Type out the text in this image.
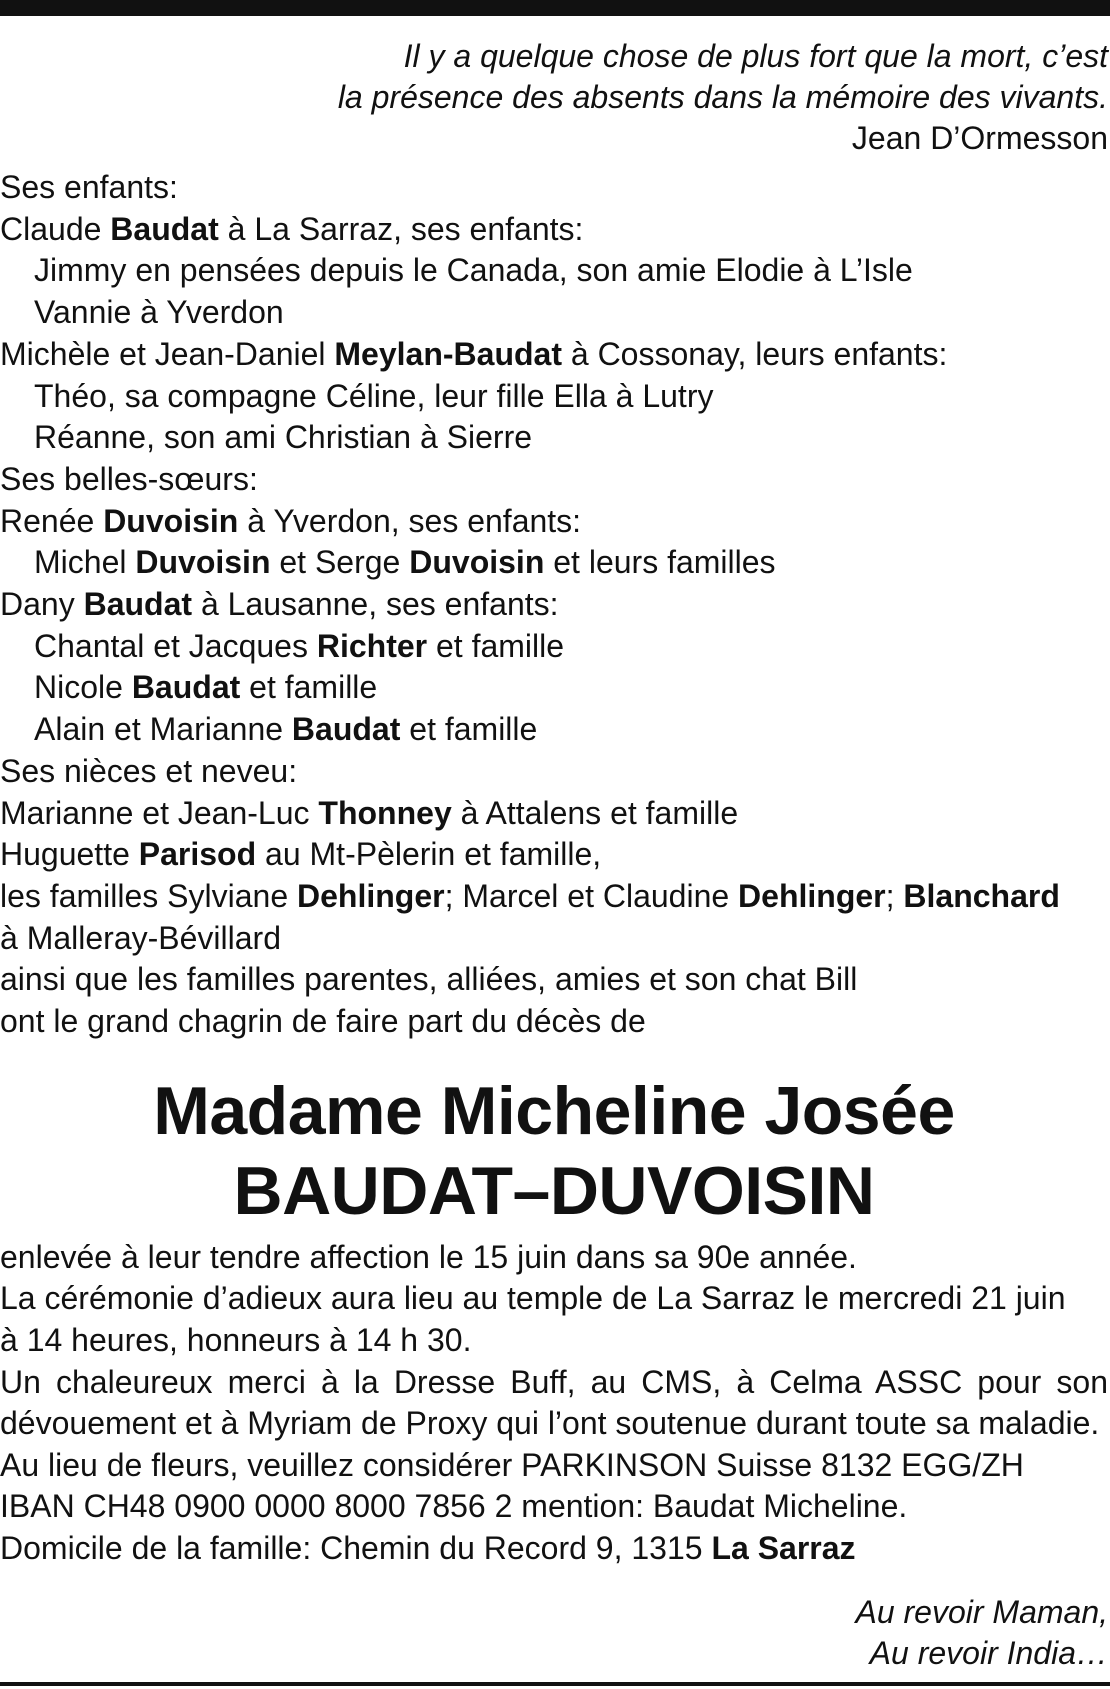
Il y a quelque chose de plus fort que la mort, c’est
la présence des absents dans la mémoire des vivants.
Jean D’Ormesson
Ses enfants:
Claude Baudat à La Sarraz, ses enfants:
Jimmy en pensées depuis le Canada, son amie Elodie à L’Isle
Vannie à Yverdon
Michèle et Jean-Daniel Meylan-Baudat à Cossonay, leurs enfants:
Théo, sa compagne Céline, leur fille Ella à Lutry
Réanne, son ami Christian à Sierre
Ses belles-sœurs:
Renée Duvoisin à Yverdon, ses enfants:
Michel Duvoisin et Serge Duvoisin et leurs familles
Dany Baudat à Lausanne, ses enfants:
Chantal et Jacques Richter et famille
Nicole Baudat et famille
Alain et Marianne Baudat et famille
Ses nièces et neveu:
Marianne et Jean-Luc Thonney à Attalens et famille
Huguette Parisod au Mt-Pèlerin et famille,
les familles Sylviane Dehlinger; Marcel et Claudine Dehlinger; Blanchard
à Malleray-Bévillard
ainsi que les familles parentes, alliées, amies et son chat Bill
ont le grand chagrin de faire part du décès de
Madame Micheline Josée
BAUDAT–DUVOISIN
enlevée à leur tendre affection le 15 juin dans sa 90e année.
La cérémonie d’adieux aura lieu au temple de La Sarraz le mercredi 21 juin
à 14 heures, honneurs à 14 h 30.
Un chaleureux merci à la Dresse Buff, au CMS, à Celma ASSC pour son dévouement et à Myriam de Proxy qui l’ont soutenue durant toute sa maladie.
Au lieu de fleurs, veuillez considérer PARKINSON Suisse 8132 EGG/ZH
IBAN CH48 0900 0000 8000 7856 2 mention: Baudat Micheline.
Domicile de la famille: Chemin du Record 9, 1315 La Sarraz
Au revoir Maman,
Au revoir India…
